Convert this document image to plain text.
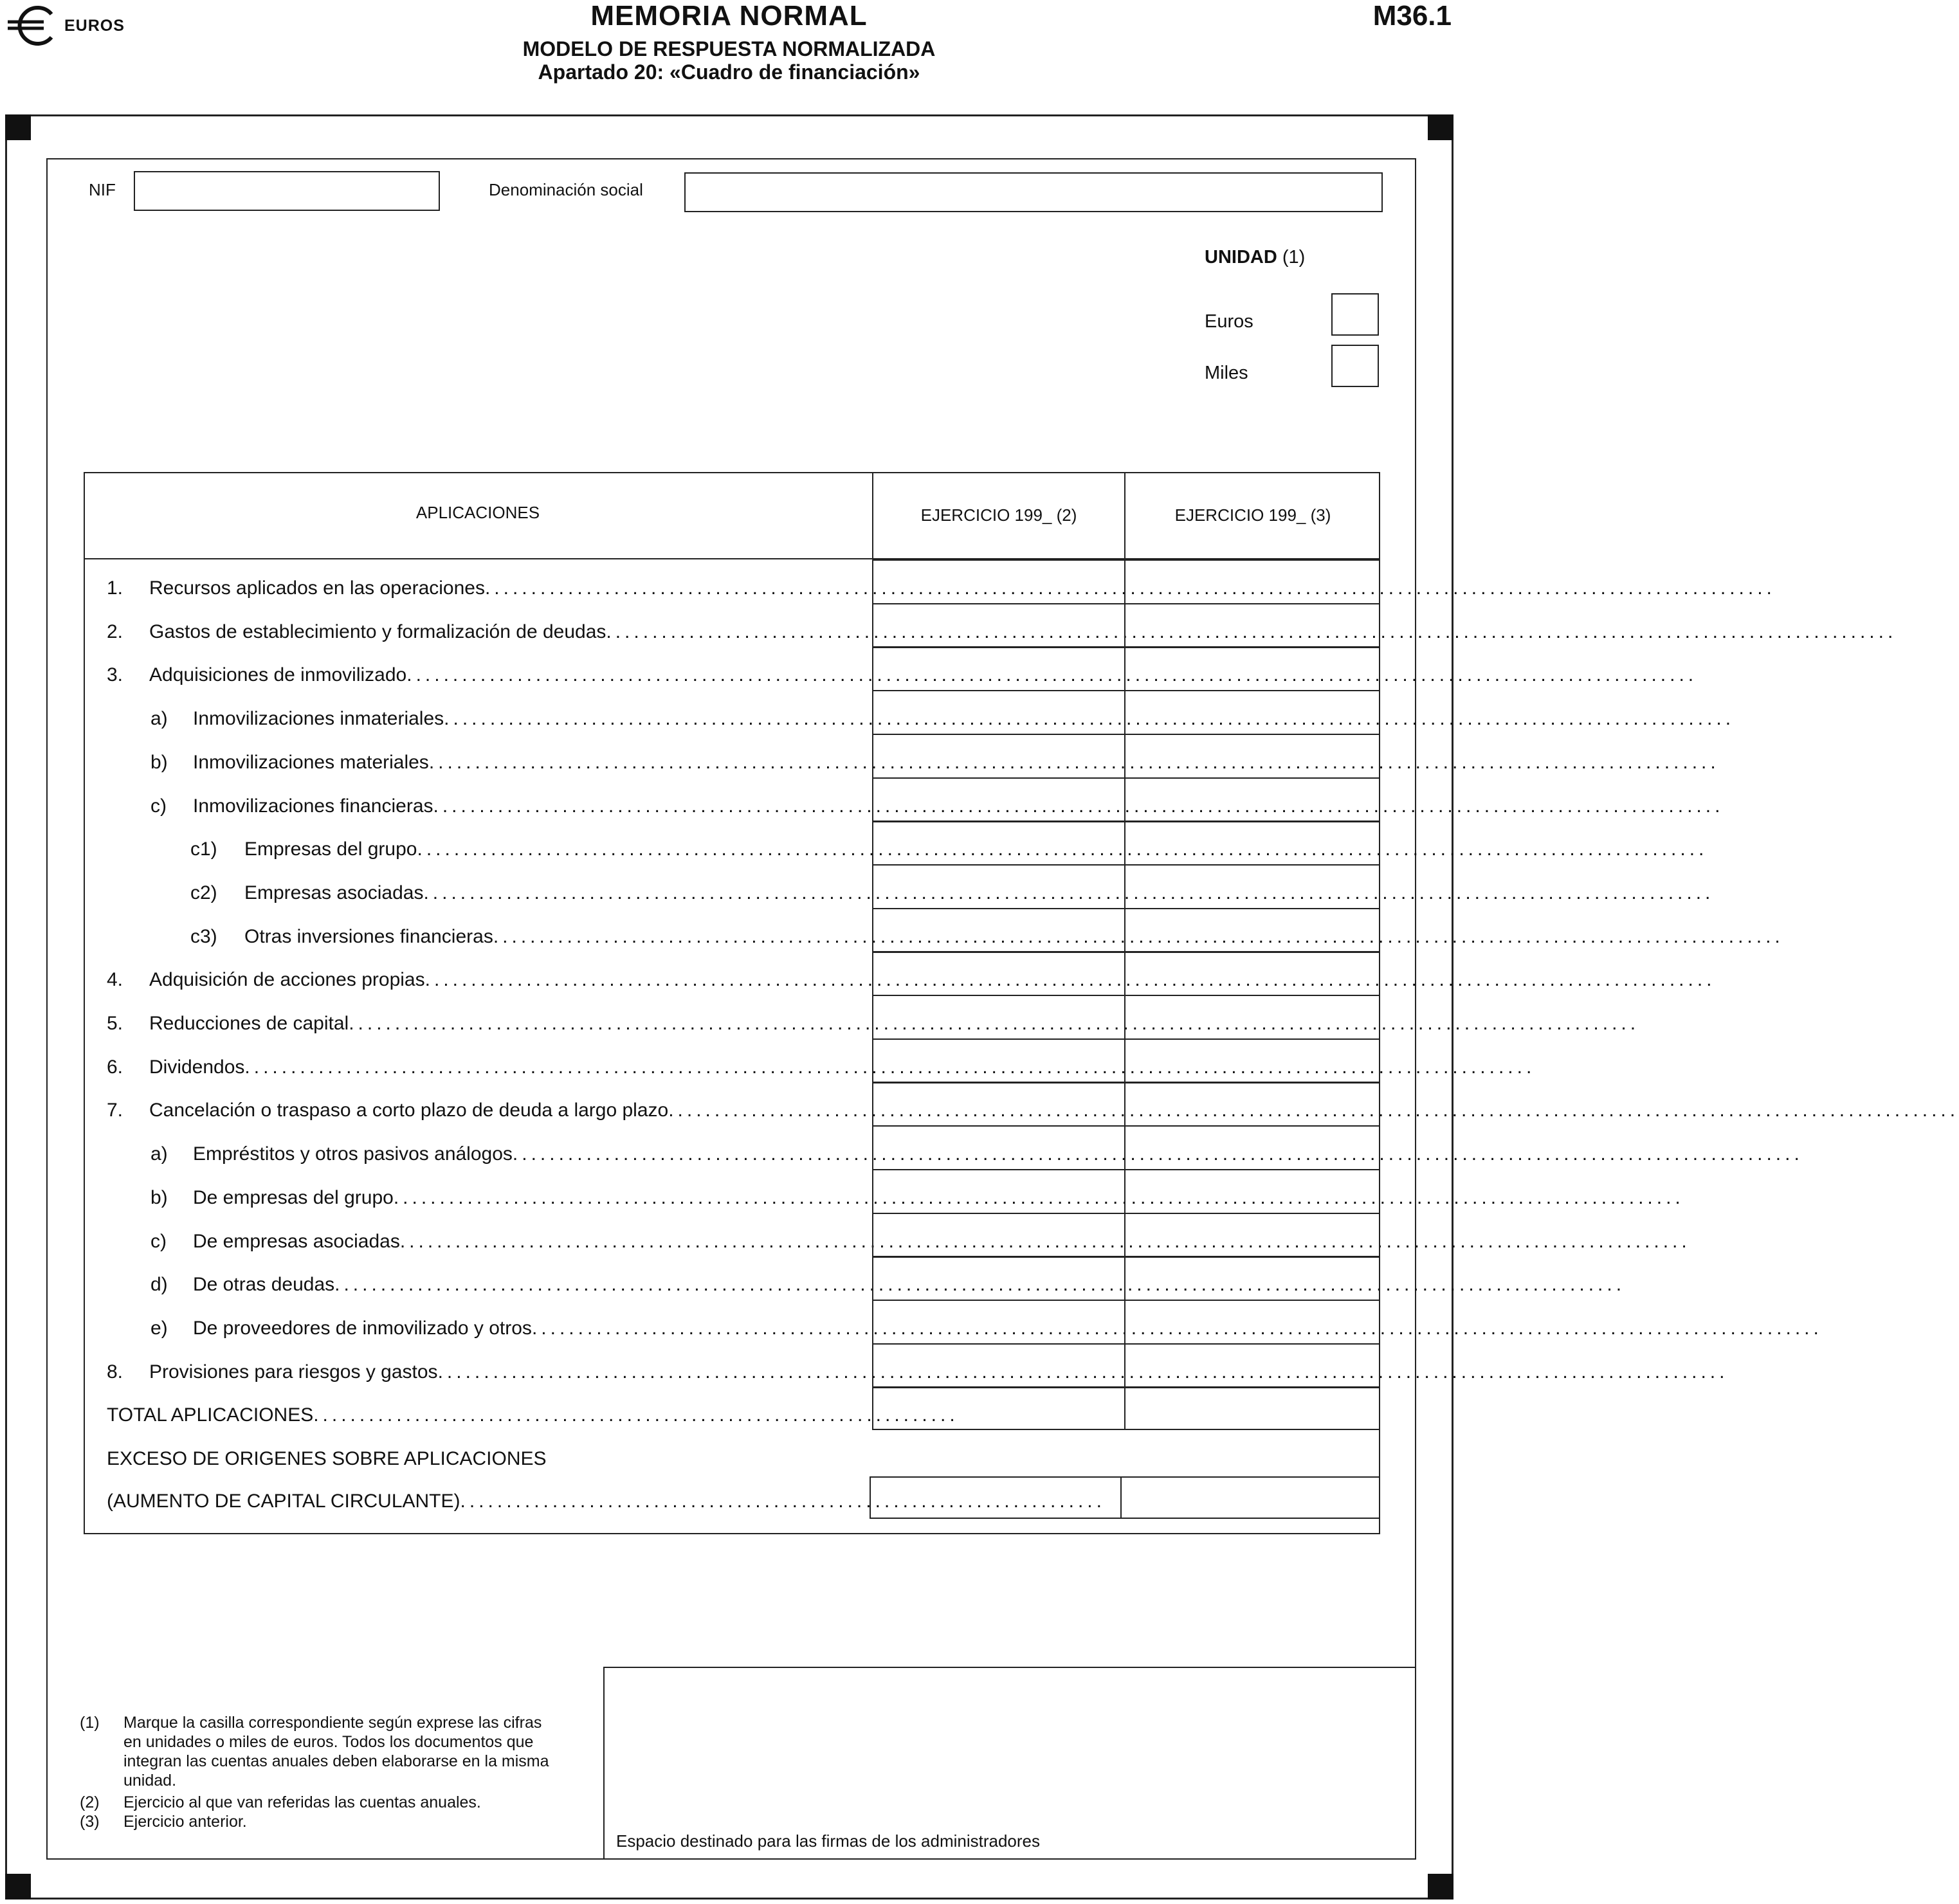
EUROS	MEMORIA NORMAL
MODELO DE RESPUESTA NORMALIZADA
Apartado 20: «Cuadro de financiación»
M36.1
NIF	Denominación social
UNIDAD (1)
Euros
Miles
APLICACIONES	EJERCICIO 199_ (2)	EJERCICIO 199_ (3)
1. Recursos aplicados en las operaciones............................................................................................................................................
2. Gastos de establecimiento y formalización de deudas............................................................................................................................................
3. Adquisiciones de inmovilizado............................................................................................................................................
a) Inmovilizaciones inmateriales............................................................................................................................................
b) Inmovilizaciones materiales............................................................................................................................................
c) Inmovilizaciones financieras............................................................................................................................................
c1) Empresas del grupo............................................................................................................................................
c2) Empresas asociadas............................................................................................................................................
c3) Otras inversiones financieras............................................................................................................................................
4. Adquisición de acciones propias............................................................................................................................................
5. Reducciones de capital............................................................................................................................................
6. Dividendos............................................................................................................................................
7. Cancelación o traspaso a corto plazo de deuda a largo plazo............................................................................................................................................
a) Empréstitos y otros pasivos análogos............................................................................................................................................
b) De empresas del grupo............................................................................................................................................
c) De empresas asociadas............................................................................................................................................
d) De otras deudas............................................................................................................................................
e) De proveedores de inmovilizado y otros............................................................................................................................................
8. Provisiones para riesgos y gastos............................................................................................................................................
TOTAL APLICACIONES......................................................................
EXCESO DE ORIGENES SOBRE APLICACIONES
(AUMENTO DE CAPITAL CIRCULANTE)......................................................................
(1) Marque la casilla correspondiente según exprese las cifras en unidades o miles de euros. Todos los documentos que integran las cuentas anuales deben elaborarse en la misma unidad.
(2) Ejercicio al que van referidas las cuentas anuales.
(3) Ejercicio anterior.
Espacio destinado para las firmas de los administradores
